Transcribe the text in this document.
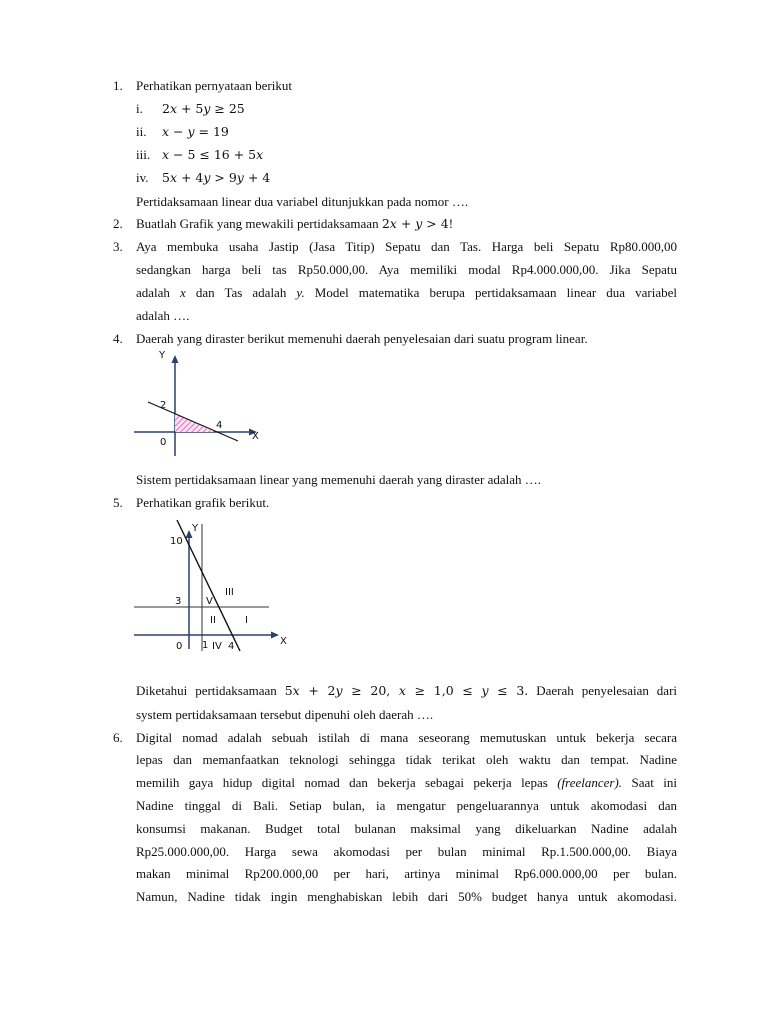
1. Perhatikan pernyataan berikut
i. 2𝑥 + 5𝑦 ≥ 25
ii. 𝑥 − 𝑦 = 19
iii. 𝑥 − 5 ≤ 16 + 5𝑥
iv. 5𝑥 + 4𝑦 > 9𝑦 + 4
Pertidaksamaan linear dua variabel ditunjukkan pada nomor ….
2. Buatlah Grafik yang mewakili pertidaksamaan 2𝑥 + 𝑦 > 4!
3. Aya membuka usaha Jastip (Jasa Titip) Sepatu dan Tas. Harga beli Sepatu Rp80.000,00
sedangkan harga beli tas Rp50.000,00. Aya memiliki modal Rp4.000.000,00. Jika Sepatu
adalah x dan Tas adalah y. Model matematika berupa pertidaksamaan linear dua variabel
adalah ….
4. Daerah yang diraster berikut memenuhi daerah penyelesaian dari suatu program linear.
Y
2
4
X
0
Sistem pertidaksamaan linear yang memenuhi daerah yang diraster adalah ….
5. Perhatikan grafik berikut.
Y
10
3
0 1 4	X
I
II
III
IV
V
Diketahui pertidaksamaan 5𝑥 + 2𝑦 ≥ 20, 𝑥 ≥ 1,0 ≤ 𝑦 ≤ 3. Daerah penyelesaian dari
system pertidaksamaan tersebut dipenuhi oleh daerah ….
6. Digital nomad adalah sebuah istilah di mana seseorang memutuskan untuk bekerja secara
lepas dan memanfaatkan teknologi sehingga tidak terikat oleh waktu dan tempat. Nadine
memilih gaya hidup digital nomad dan bekerja sebagai pekerja lepas (freelancer). Saat ini
Nadine tinggal di Bali. Setiap bulan, ia mengatur pengeluarannya untuk akomodasi dan
konsumsi makanan. Budget total bulanan maksimal yang dikeluarkan Nadine adalah
Rp25.000.000,00. Harga sewa akomodasi per bulan minimal Rp.1.500.000,00. Biaya
makan minimal Rp200.000,00 per hari, artinya minimal Rp6.000.000,00 per bulan.
Namun, Nadine tidak ingin menghabiskan lebih dari 50% budget hanya untuk akomodasi.
